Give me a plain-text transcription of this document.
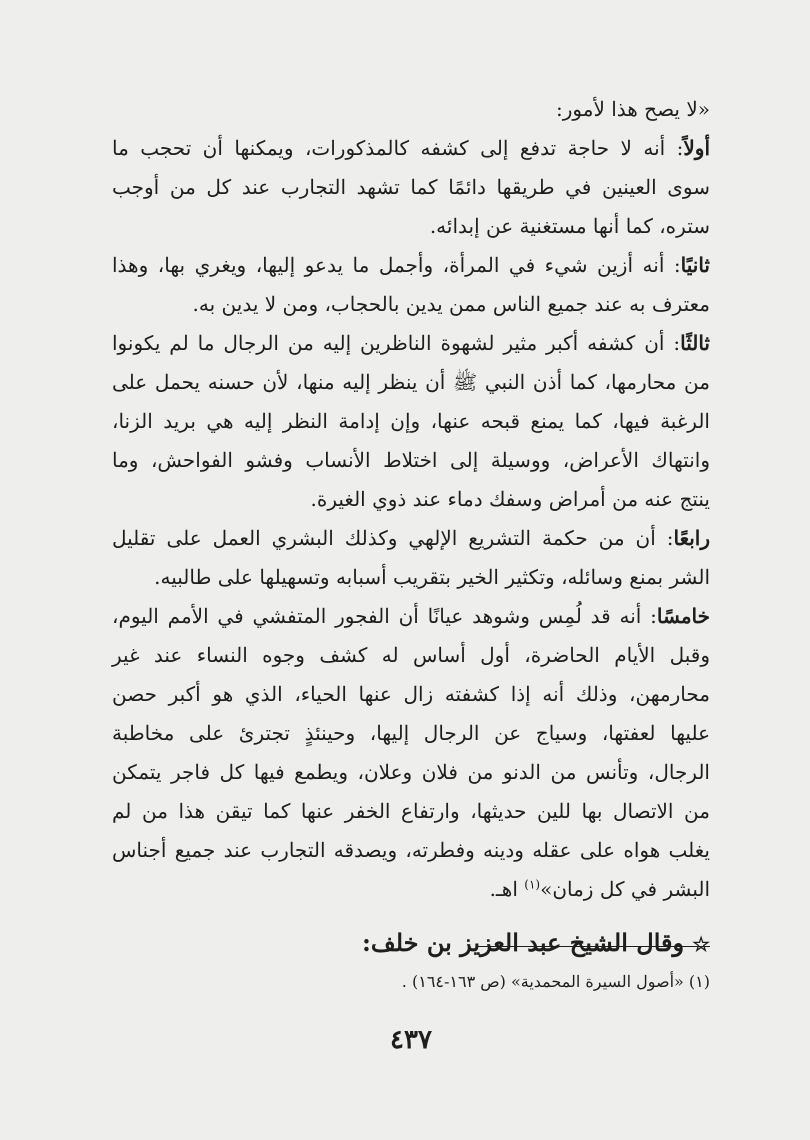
«لا يصح هذا لأمور:
أولاً: أنه لا حاجة تدفع إلى كشفه كالمذكورات، ويمكنها أن تحجب ما
سوى العينين في طريقها دائمًا كما تشهد التجارب عند كل من أوجب
ستره، كما أنها مستغنية عن إبدائه.
ثانيًا: أنه أزين شيء في المرأة، وأجمل ما يدعو إليها، ويغري بها، وهذا
معترف به عند جميع الناس ممن يدين بالحجاب، ومن لا يدين به.
ثالثًا: أن كشفه أكبر مثير لشهوة الناظرين إليه من الرجال ما لم يكونوا
من محارمها، كما أذن النبي ﷺ أن ينظر إليه منها، لأن حسنه يحمل على
الرغبة فيها، كما يمنع قبحه عنها، وإن إدامة النظر إليه هي بريد الزنا،
وانتهاك الأعراض، ووسيلة إلى اختلاط الأنساب وفشو الفواحش، وما
ينتج عنه من أمراض وسفك دماء عند ذوي الغيرة.
رابعًا: أن من حكمة التشريع الإلهي وكذلك البشري العمل على تقليل
الشر بمنع وسائله، وتكثير الخير بتقريب أسبابه وتسهيلها على طالبيه.
خامسًا: أنه قد لُمِس وشوهد عيانًا أن الفجور المتفشي في الأمم اليوم،
وقبل الأيام الحاضرة، أول أساس له كشف وجوه النساء عند غير
محارمهن، وذلك أنه إذا كشفته زال عنها الحياء، الذي هو أكبر حصن
عليها لعفتها، وسياج عن الرجال إليها، وحينئذٍ تجترئ على مخاطبة
الرجال، وتأنس من الدنو من فلان وعلان، ويطمع فيها كل فاجر يتمكن
من الاتصال بها للين حديثها، وارتفاع الخفر عنها كما تيقن هذا من لم
يغلب هواه على عقله ودينه وفطرته، ويصدقه التجارب عند جميع أجناس
البشر في كل زمان»$^{(١)}$ اهـ.
☆وقال الشيخ عبد العزيز بن خلف:
(١) «أصول السيرة المحمدية» (ص ١٦٣-١٦٤) .
٤٣٧
